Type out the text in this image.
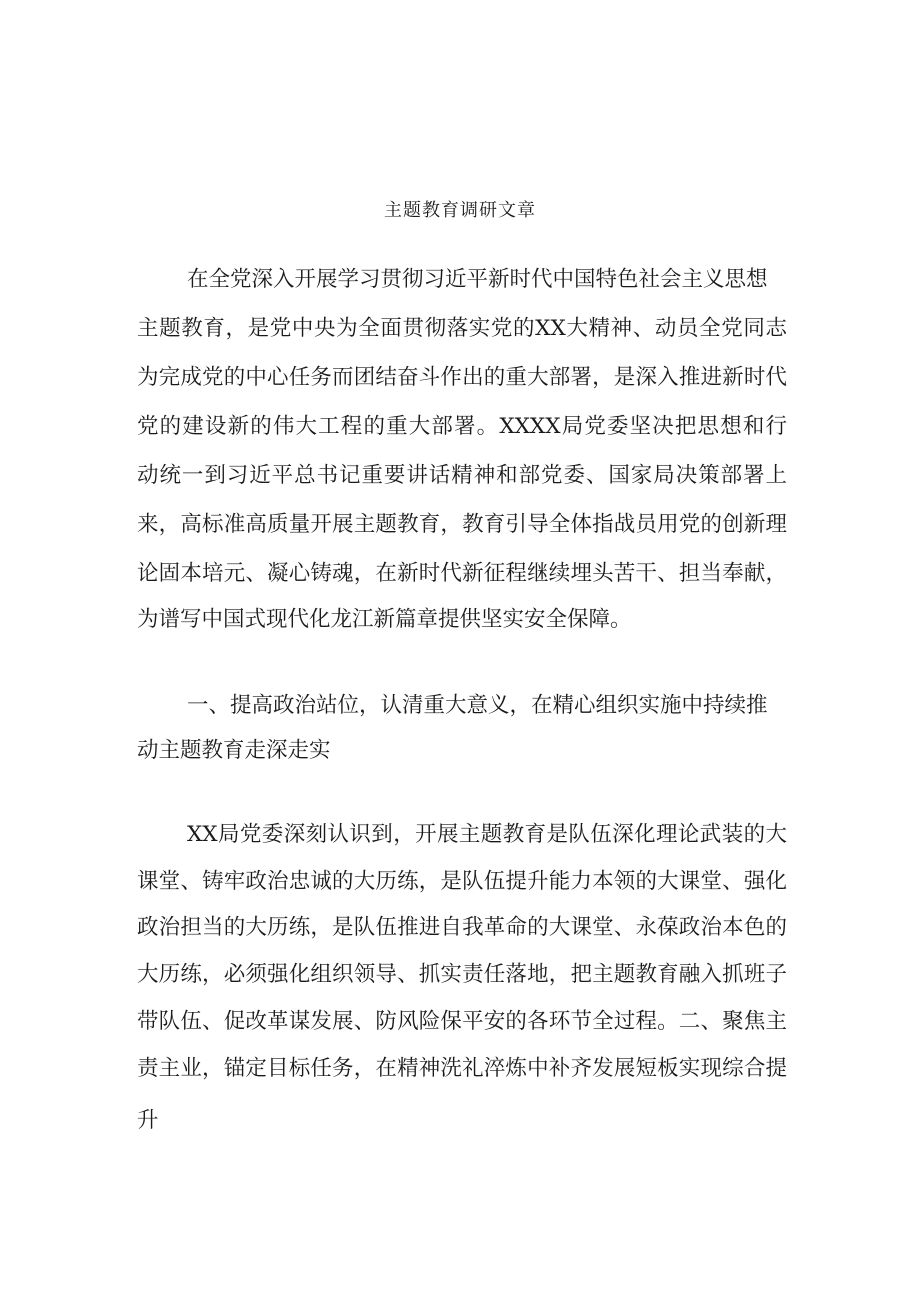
主题教育调研文章
在全党深入开展学习贯彻习近平新时代中国特色社会主义思想
主题教育，是党中央为全面贯彻落实党的XX大精神、动员全党同志
为完成党的中心任务而团结奋斗作出的重大部署，是深入推进新时代
党的建设新的伟大工程的重大部署。XXXX局党委坚决把思想和行
动统一到习近平总书记重要讲话精神和部党委、国家局决策部署上
来，高标准高质量开展主题教育，教育引导全体指战员用党的创新理
论固本培元、凝心铸魂，在新时代新征程继续埋头苦干、担当奉献，
为谱写中国式现代化龙江新篇章提供坚实安全保障。
一、提高政治站位，认清重大意义，在精心组织实施中持续推
动主题教育走深走实
XX局党委深刻认识到，开展主题教育是队伍深化理论武装的大
课堂、铸牢政治忠诚的大历练，是队伍提升能力本领的大课堂、强化
政治担当的大历练，是队伍推进自我革命的大课堂、永葆政治本色的
大历练，必须强化组织领导、抓实责任落地，把主题教育融入抓班子
带队伍、促改革谋发展、防风险保平安的各环节全过程。二、聚焦主
责主业，锚定目标任务，在精神洗礼淬炼中补齐发展短板实现综合提
升
